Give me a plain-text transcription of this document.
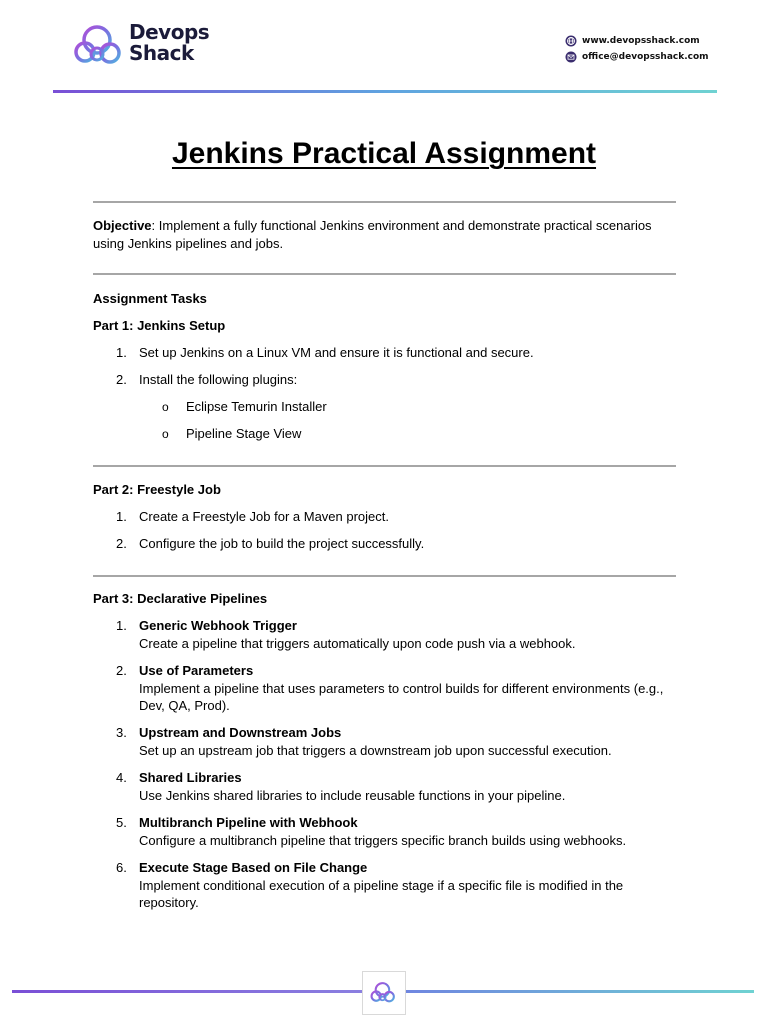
Devops
Shack	www.devopsshack.com
office@devopsshack.com
Jenkins Practical Assignment
Objective: Implement a fully functional Jenkins environment and demonstrate practical scenarios using Jenkins pipelines and jobs.
Assignment Tasks
Part 1: Jenkins Setup
1. Set up Jenkins on a Linux VM and ensure it is functional and secure.
2. Install the following plugins:
o Eclipse Temurin Installer
o Pipeline Stage View
Part 2: Freestyle Job
1. Create a Freestyle Job for a Maven project.
2. Configure the job to build the project successfully.
Part 3: Declarative Pipelines
1. Generic Webhook Trigger
Create a pipeline that triggers automatically upon code push via a webhook.
2. Use of Parameters
Implement a pipeline that uses parameters to control builds for different environments (e.g., Dev, QA, Prod).
3. Upstream and Downstream Jobs
Set up an upstream job that triggers a downstream job upon successful execution.
4. Shared Libraries
Use Jenkins shared libraries to include reusable functions in your pipeline.
5. Multibranch Pipeline with Webhook
Configure a multibranch pipeline that triggers specific branch builds using webhooks.
6. Execute Stage Based on File Change
Implement conditional execution of a pipeline stage if a specific file is modified in the repository.
